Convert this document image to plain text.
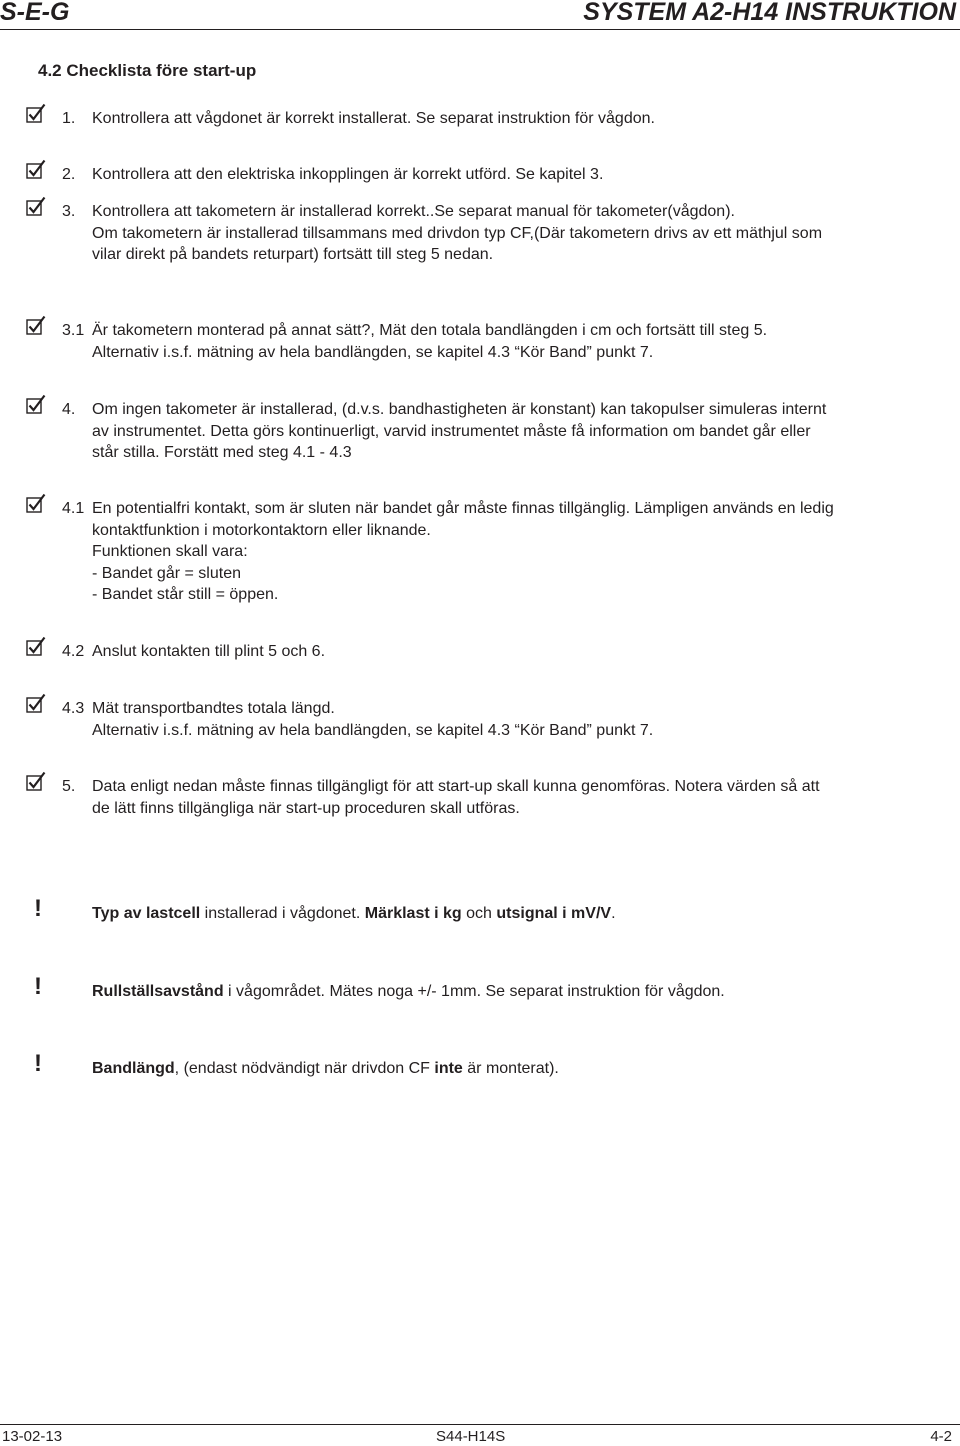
S-E-G	SYSTEM A2-H14 INSTRUKTION
4.2 Checklista före start-up
1. Kontrollera att vågdonet är korrekt installerat. Se separat instruktion för vågdon.

2. Kontrollera att den elektriska inkopplingen är korrekt utförd. Se kapitel 3.

3. Kontrollera att takometern är installerad korrekt..Se separat manual för takometer(vågdon).

Om takometern är installerad tillsammans med drivdon typ CF,(Där takometern drivs av ett mäthjul som

vilar direkt på bandets returpart) fortsätt till steg 5 nedan.

3.1 Är takometern monterad på annat sätt?, Mät den totala bandlängden i cm och fortsätt till steg 5.

Alternativ i.s.f. mätning av hela bandlängden, se kapitel 4.3 “Kör Band” punkt 7.

4. Om ingen takometer är installerad, (d.v.s. bandhastigheten är konstant) kan takopulser simuleras internt

av instrumentet. Detta görs kontinuerligt, varvid instrumentet måste få information om bandet går eller

står stilla. Forstätt med steg 4.1 - 4.3

4.1 En potentialfri kontakt, som är sluten när bandet går måste finnas tillgänglig. Lämpligen används en ledig

kontaktfunktion i motorkontaktorn eller liknande.

Funktionen skall vara:

- Bandet går = sluten

- Bandet står still = öppen.

4.2 Anslut kontakten till plint 5 och 6.

4.3 Mät transportbandtes totala längd.

Alternativ i.s.f. mätning av hela bandlängden, se kapitel 4.3 “Kör Band” punkt 7.

5. Data enligt nedan måste finnas tillgängligt för att start-up skall kunna genomföras. Notera värden så att

de lätt finns tillgängliga när start-up proceduren skall utföras.

!	Typ av lastcell installerad i vågdonet. Märklast i kg och utsignal i mV/V.
!	Rullställsavstånd i vågområdet. Mätes noga +/- 1mm. Se separat instruktion för vågdon.
!	Bandlängd, (endast nödvändigt när drivdon CF inte är monterat).
13-02-13	S44-H14S	4-2
